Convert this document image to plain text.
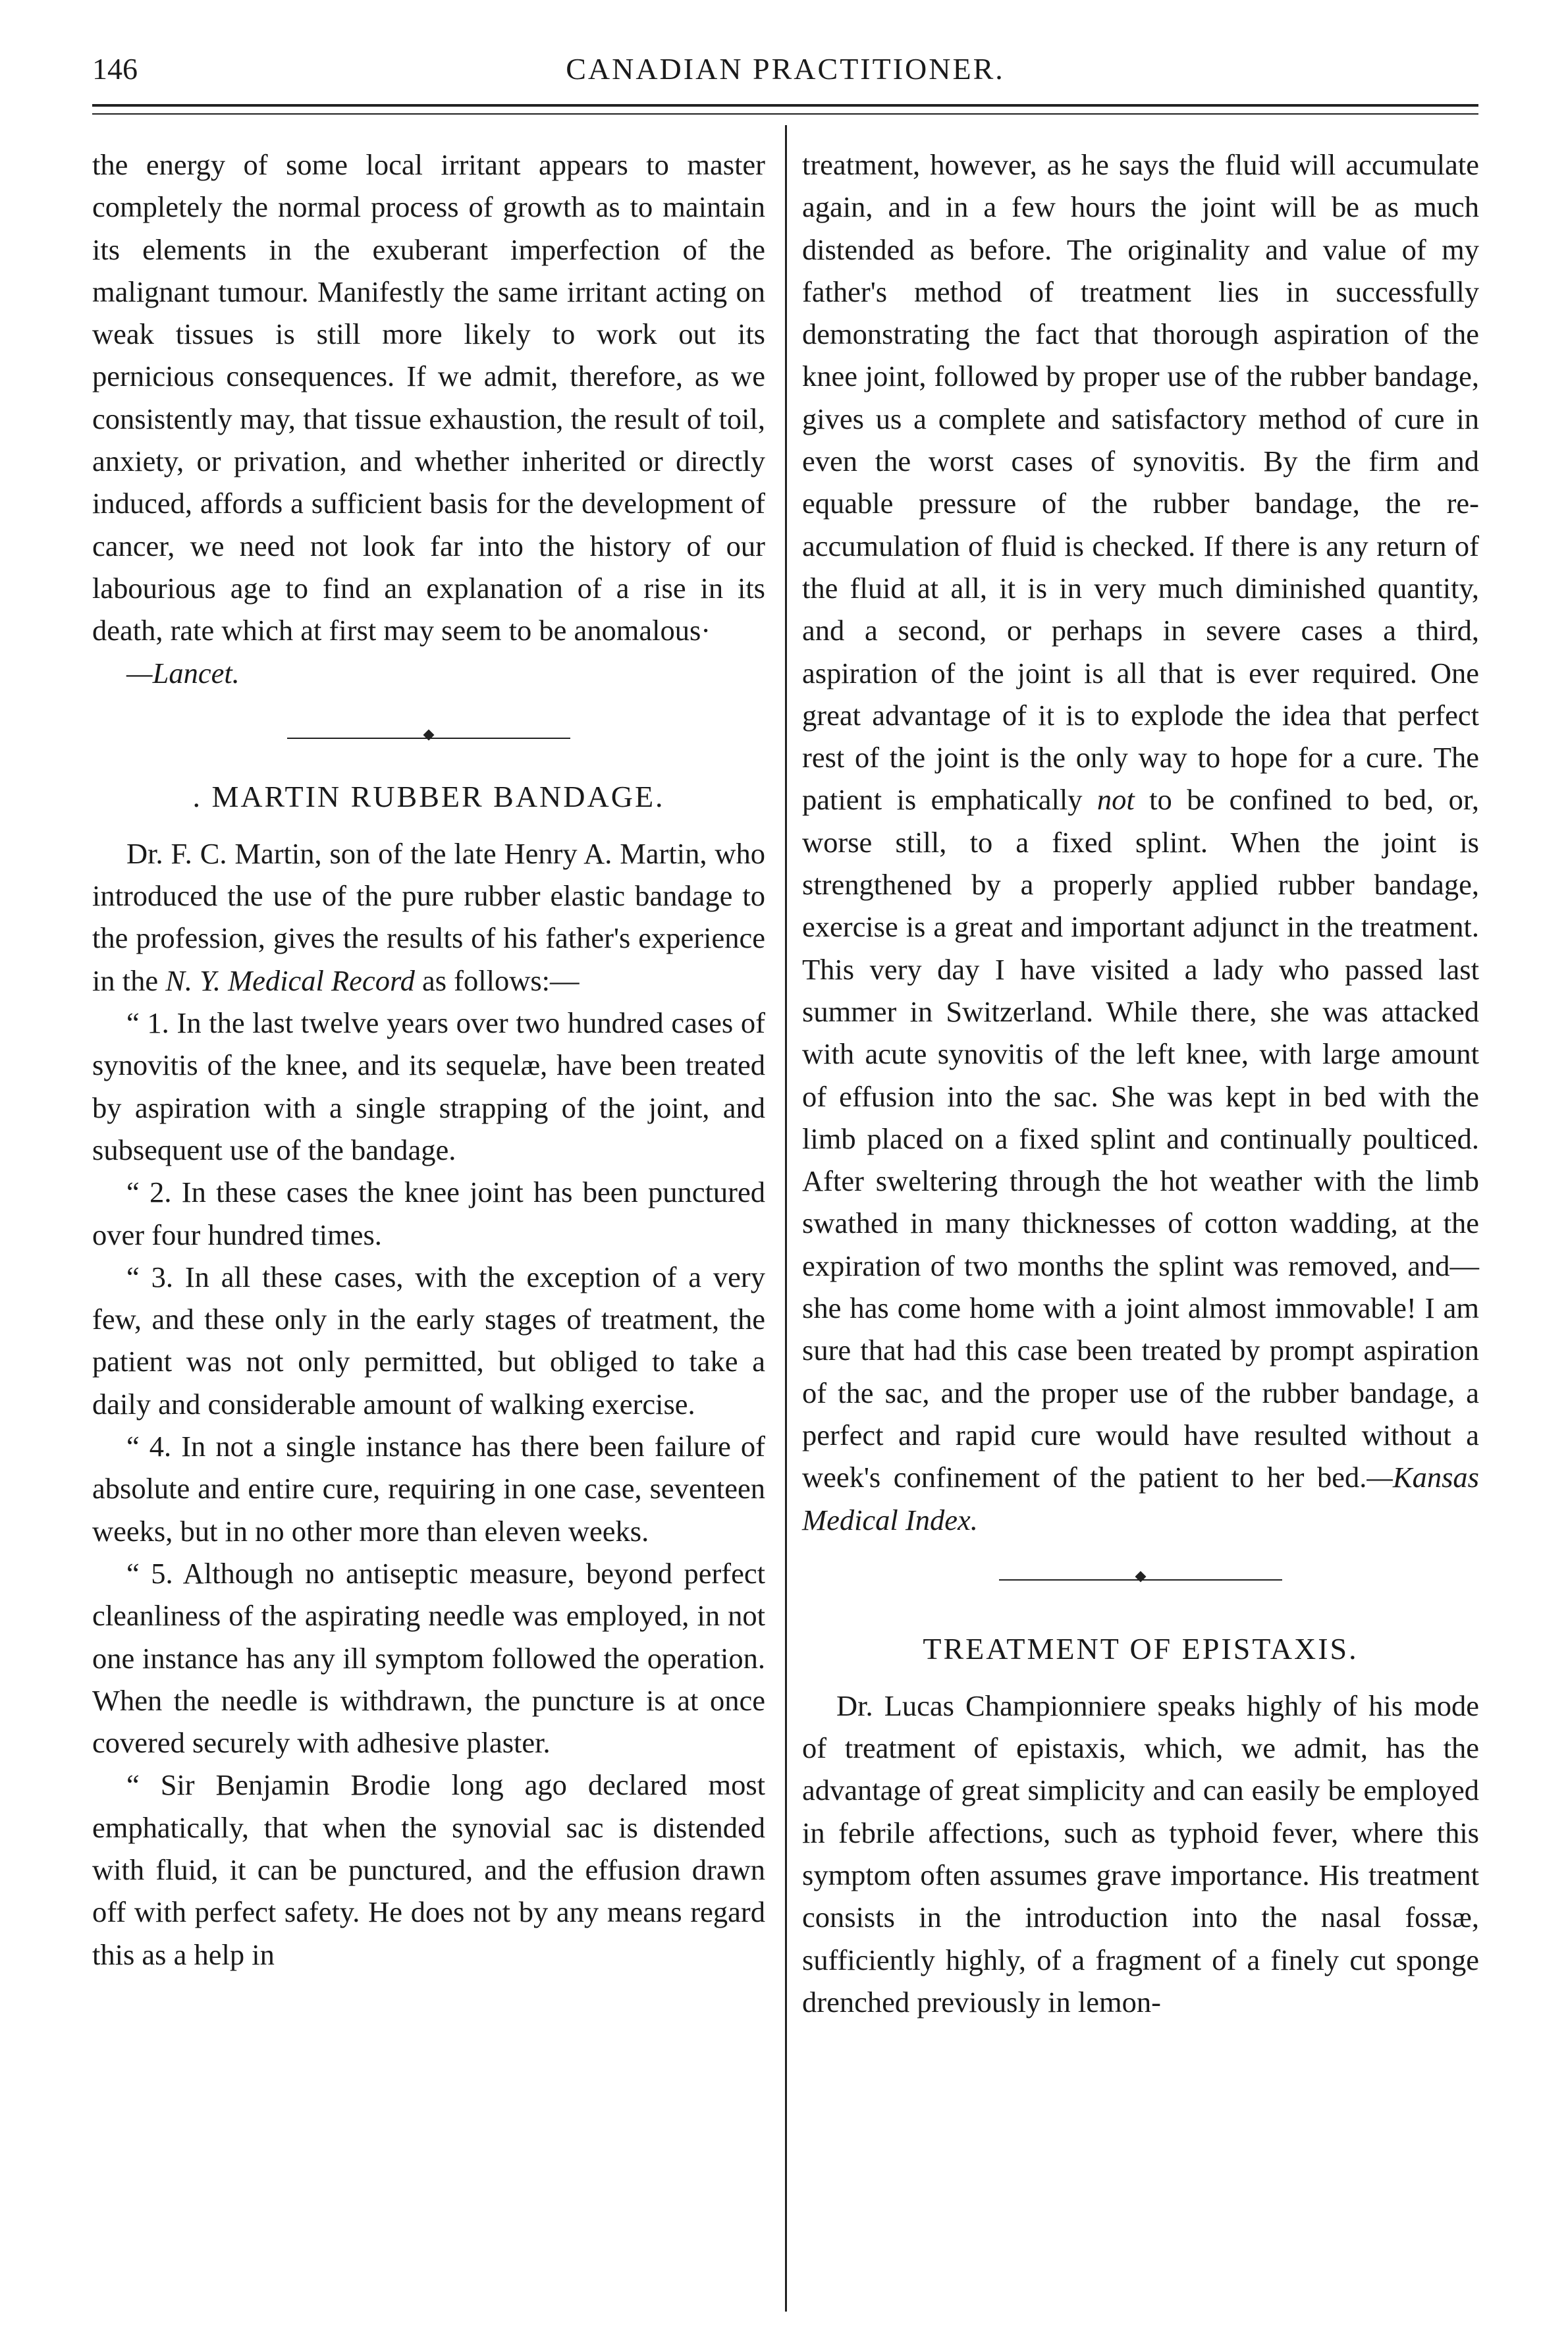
146	CANADIAN PRACTITIONER.

the energy of some local irritant appears to master completely the normal process of growth as to maintain its elements in the exuberant imperfection of the malignant tumour. Manifestly the same irritant acting on weak tissues is still more likely to work out its pernicious consequences. If we admit, therefore, as we consistently may, that tissue exhaustion, the result of toil, anxiety, or privation, and whether inherited or directly induced, affords a sufficient basis for the development of cancer, we need not look far into the history of our labourious age to find an explanation of a rise in its death, rate which at first may seem to be anomalous·

—Lancet.

. MARTIN RUBBER BANDAGE.

Dr. F. C. Martin, son of the late Henry A. Martin, who introduced the use of the pure rubber elastic bandage to the profession, gives the results of his father's experience in the N. Y. Medical Record as follows:—

“ 1. In the last twelve years over two hundred cases of synovitis of the knee, and its sequelæ, have been treated by aspiration with a single strapping of the joint, and subsequent use of the bandage.

“ 2. In these cases the knee joint has been punctured over four hundred times.

“ 3. In all these cases, with the exception of a very few, and these only in the early stages of treatment, the patient was not only permitted, but obliged to take a daily and considerable amount of walking exercise.

“ 4. In not a single instance has there been failure of absolute and entire cure, requiring in one case, seventeen weeks, but in no other more than eleven weeks.

“ 5. Although no antiseptic measure, beyond perfect cleanliness of the aspirating needle was employed, in not one instance has any ill symptom followed the operation. When the needle is withdrawn, the puncture is at once covered securely with adhesive plaster.

“ Sir Benjamin Brodie long ago declared most emphatically, that when the synovial sac is distended with fluid, it can be punctured, and the effusion drawn off with perfect safety. He does not by any means regard this as a help in

treatment, however, as he says the fluid will accumulate again, and in a few hours the joint will be as much distended as before. The originality and value of my father's method of treatment lies in successfully demonstrating the fact that thorough aspiration of the knee joint, followed by proper use of the rubber bandage, gives us a complete and satisfactory method of cure in even the worst cases of synovitis. By the firm and equable pressure of the rubber bandage, the re-accumulation of fluid is checked. If there is any return of the fluid at all, it is in very much diminished quantity, and a second, or perhaps in severe cases a third, aspiration of the joint is all that is ever required. One great advantage of it is to explode the idea that perfect rest of the joint is the only way to hope for a cure. The patient is emphatically not to be confined to bed, or, worse still, to a fixed splint. When the joint is strengthened by a properly applied rubber bandage, exercise is a great and important adjunct in the treatment. This very day I have visited a lady who passed last summer in Switzerland. While there, she was attacked with acute synovitis of the left knee, with large amount of effusion into the sac. She was kept in bed with the limb placed on a fixed splint and continually poulticed. After sweltering through the hot weather with the limb swathed in many thicknesses of cotton wadding, at the expiration of two months the splint was removed, and—she has come home with a joint almost immovable! I am sure that had this case been treated by prompt aspiration of the sac, and the proper use of the rubber bandage, a perfect and rapid cure would have resulted without a week's confinement of the patient to her bed.—Kansas Medical Index.

TREATMENT OF EPISTAXIS.

Dr. Lucas Championniere speaks highly of his mode of treatment of epistaxis, which, we admit, has the advantage of great simplicity and can easily be employed in febrile affections, such as typhoid fever, where this symptom often assumes grave importance. His treatment consists in the introduction into the nasal fossæ, sufficiently highly, of a fragment of a finely cut sponge drenched previously in lemon-
